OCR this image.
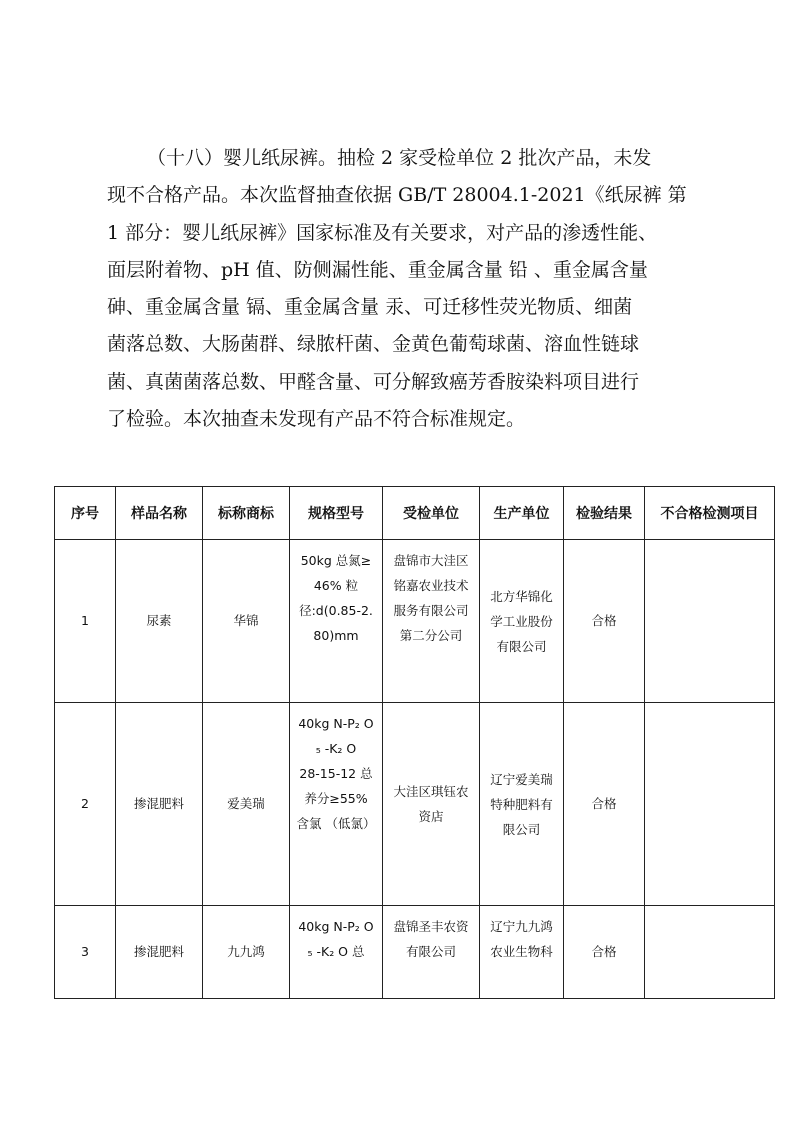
（十八）婴儿纸尿裤。抽检 2 家受检单位 2 批次产品，未发
现不合格产品。本次监督抽查依据 GB/T 28004.1-2021《纸尿裤 第
1 部分：婴儿纸尿裤》国家标准及有关要求，对产品的渗透性能、
面层附着物、pH 值、防侧漏性能、重金属含量 铅 、重金属含量
砷、重金属含量 镉、重金属含量 汞、可迁移性荧光物质、细菌
菌落总数、大肠菌群、绿脓杆菌、金黄色葡萄球菌、溶血性链球
菌、真菌菌落总数、甲醛含量、可分解致癌芳香胺染料项目进行
了检验。本次抽查未发现有产品不符合标准规定。
序号	样品名称	标称商标	规格型号	受检单位	生产单位	检验结果	不合格检测项目
1	尿素	华锦	50kg 总氮≥
46% 粒
径:d(0.85-2.
80)mm	盘锦市大洼区
铭嘉农业技术
服务有限公司
第二分公司	北方华锦化
学工业股份
有限公司	合格	
2	掺混肥料	爱美瑞	40kg N-P₂ O
₅ -K₂ O
28-15-12 总
养分≥55%
含氯 （低氯）	大洼区琪钰农
资店	辽宁爱美瑞
特种肥料有
限公司	合格	
3	掺混肥料	九九鸿	40kg N-P₂ O
₅ -K₂ O 总	盘锦圣丰农资
有限公司	辽宁九九鸿
农业生物科	合格	
